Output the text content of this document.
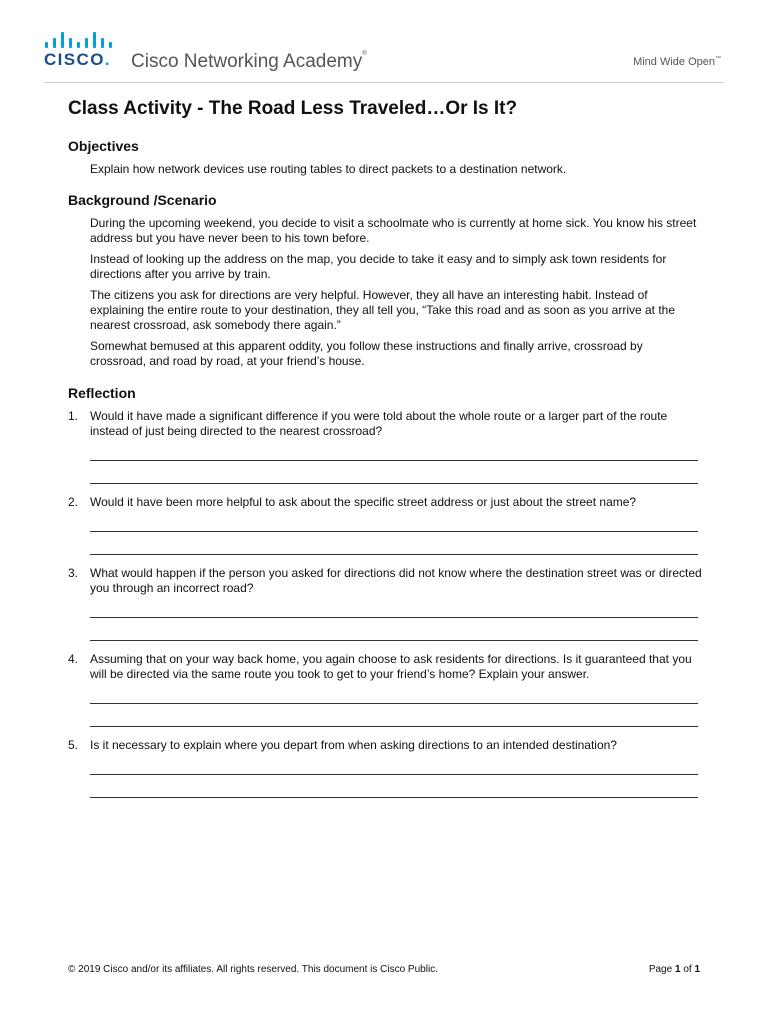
CISCO. Cisco Networking Academy®
Mind Wide Open™
Class Activity - The Road Less Traveled…Or Is It?
Objectives

Explain how network devices use routing tables to direct packets to a destination network.

Background /Scenario

During the upcoming weekend, you decide to visit a schoolmate who is currently at home sick. You know his street address but you have never been to his town before.

Instead of looking up the address on the map, you decide to take it easy and to simply ask town residents for directions after you arrive by train.

The citizens you ask for directions are very helpful. However, they all have an interesting habit. Instead of explaining the entire route to your destination, they all tell you, “Take this road and as soon as you arrive at the nearest crossroad, ask somebody there again.”

Somewhat bemused at this apparent oddity, you follow these instructions and finally arrive, crossroad by crossroad, and road by road, at your friend’s house.

Reflection

1. Would it have made a significant difference if you were told about the whole route or a larger part of the route instead of just being directed to the nearest crossroad?

2. Would it have been more helpful to ask about the specific street address or just about the street name?

3. What would happen if the person you asked for directions did not know where the destination street was or directed you through an incorrect road?

4. Assuming that on your way back home, you again choose to ask residents for directions. Is it guaranteed that you will be directed via the same route you took to get to your friend’s home? Explain your answer.

5. Is it necessary to explain where you depart from when asking directions to an intended destination?

© 2019 Cisco and/or its affiliates. All rights reserved. This document is Cisco Public.	Page 1 of 1
